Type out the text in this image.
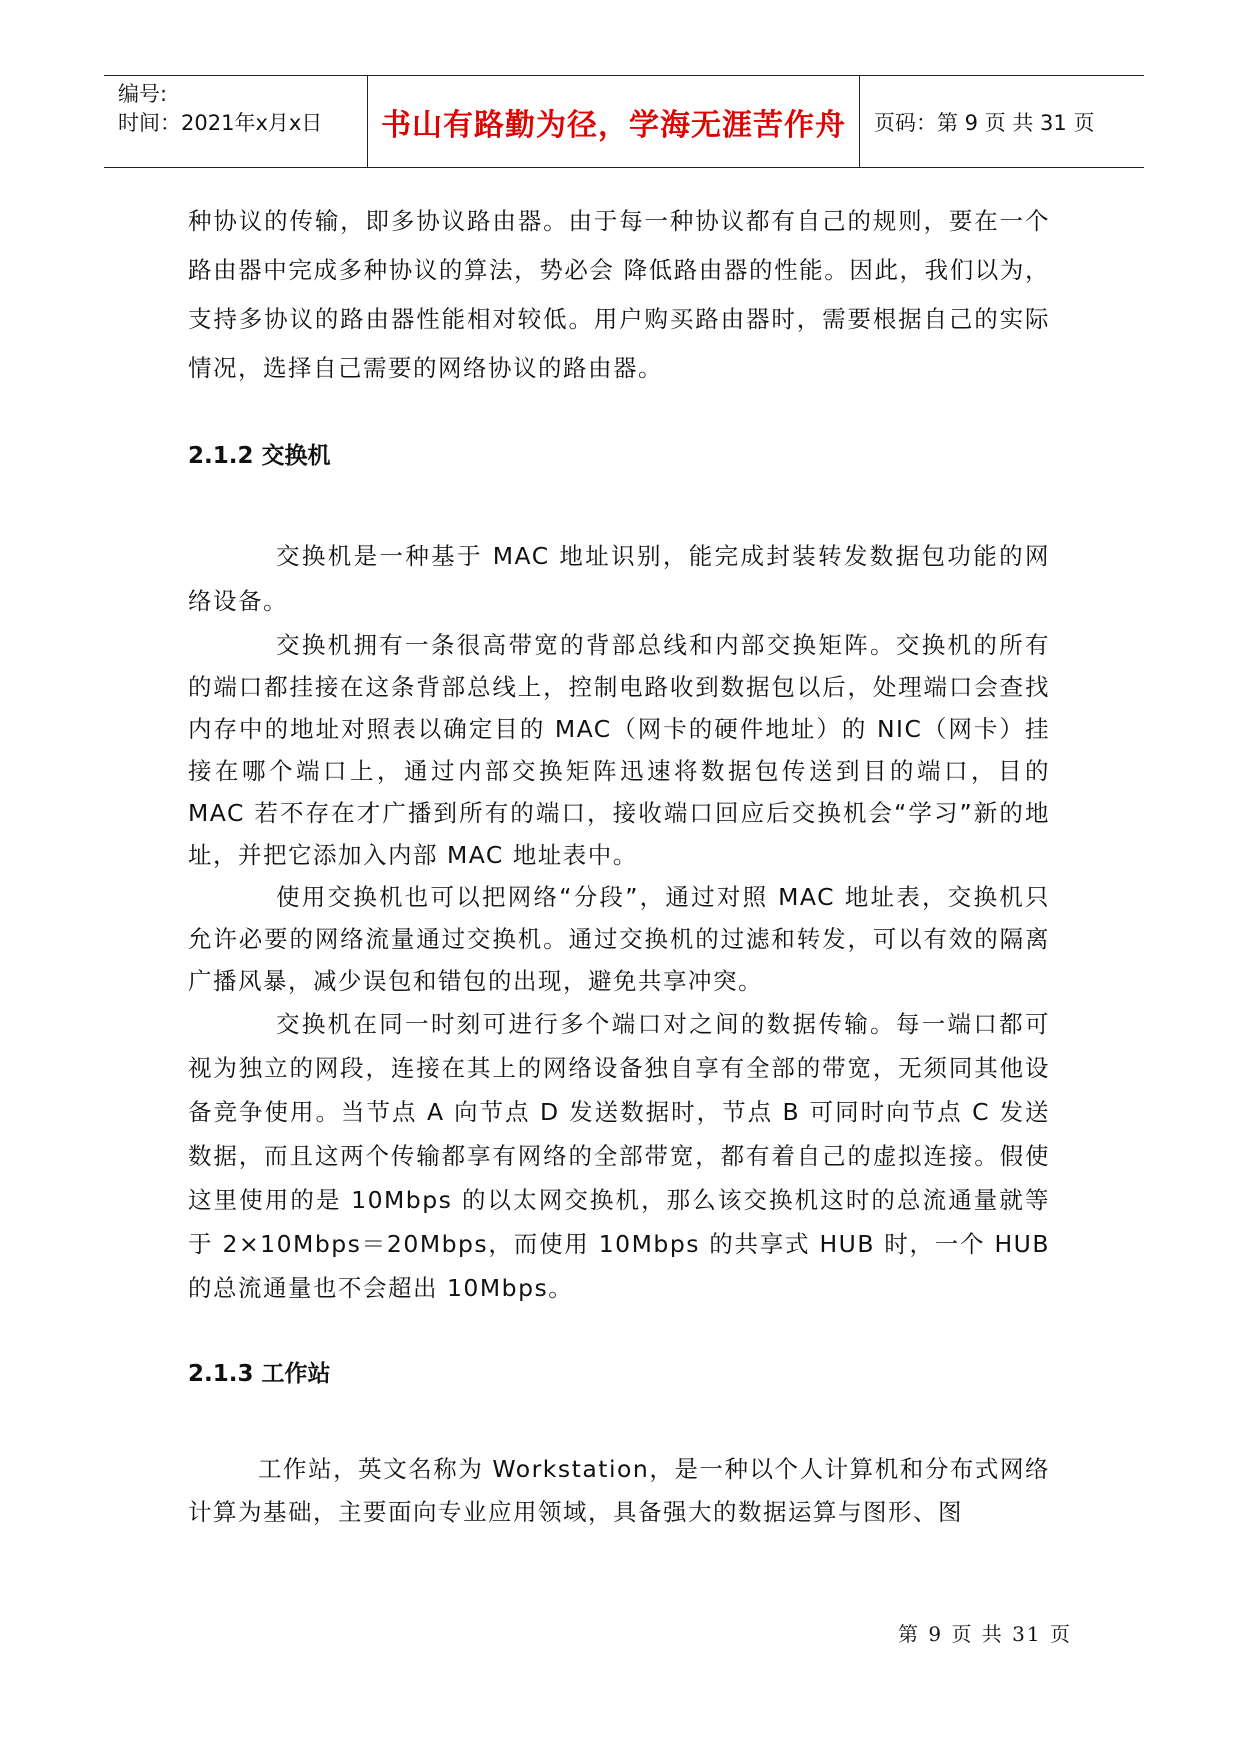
编号:
时间：2021年x月x日 书山有路勤为径，学海无涯苦作舟 页码：第 9 页 共 31 页

种协议的传输，即多协议路由器。由于每一种协议都有自己的规则，要在一个路由器中完成多种协议的算法，势必会 降低路由器的性能。因此，我们以为，支持多协议的路由器性能相对较低。用户购买路由器时，需要根据自己的实际情况，选择自己需要的网络协议的路由器。

2.1.2 交换机

交换机是一种基于 MAC 地址识别，能完成封装转发数据包功能的网络设备。

交换机拥有一条很高带宽的背部总线和内部交换矩阵。交换机的所有的端口都挂接在这条背部总线上，控制电路收到数据包以后，处理端口会查找内存中的地址对照表以确定目的 MAC（网卡的硬件地址）的 NIC（网卡）挂接在哪个端口上，通过内部交换矩阵迅速将数据包传送到目的端口，目的 MAC 若不存在才广播到所有的端口，接收端口回应后交换机会“学习”新的地址，并把它添加入内部 MAC 地址表中。

使用交换机也可以把网络“分段”，通过对照 MAC 地址表，交换机只允许必要的网络流量通过交换机。通过交换机的过滤和转发，可以有效的隔离广播风暴，减少误包和错包的出现，避免共享冲突。

交换机在同一时刻可进行多个端口对之间的数据传输。每一端口都可视为独立的网段，连接在其上的网络设备独自享有全部的带宽，无须同其他设备竞争使用。当节点 A 向节点 D 发送数据时，节点 B 可同时向节点 C 发送数据，而且这两个传输都享有网络的全部带宽，都有着自己的虚拟连接。假使这里使用的是 10Mbps 的以太网交换机，那么该交换机这时的总流通量就等于 2×10Mbps＝20Mbps，而使用 10Mbps 的共享式 HUB 时，一个 HUB 的总流通量也不会超出 10Mbps。

2.1.3 工作站

工作站，英文名称为 Workstation，是一种以个人计算机和分布式网络计算为基础，主要面向专业应用领域，具备强大的数据运算与图形、图

第 9 页 共 31 页
